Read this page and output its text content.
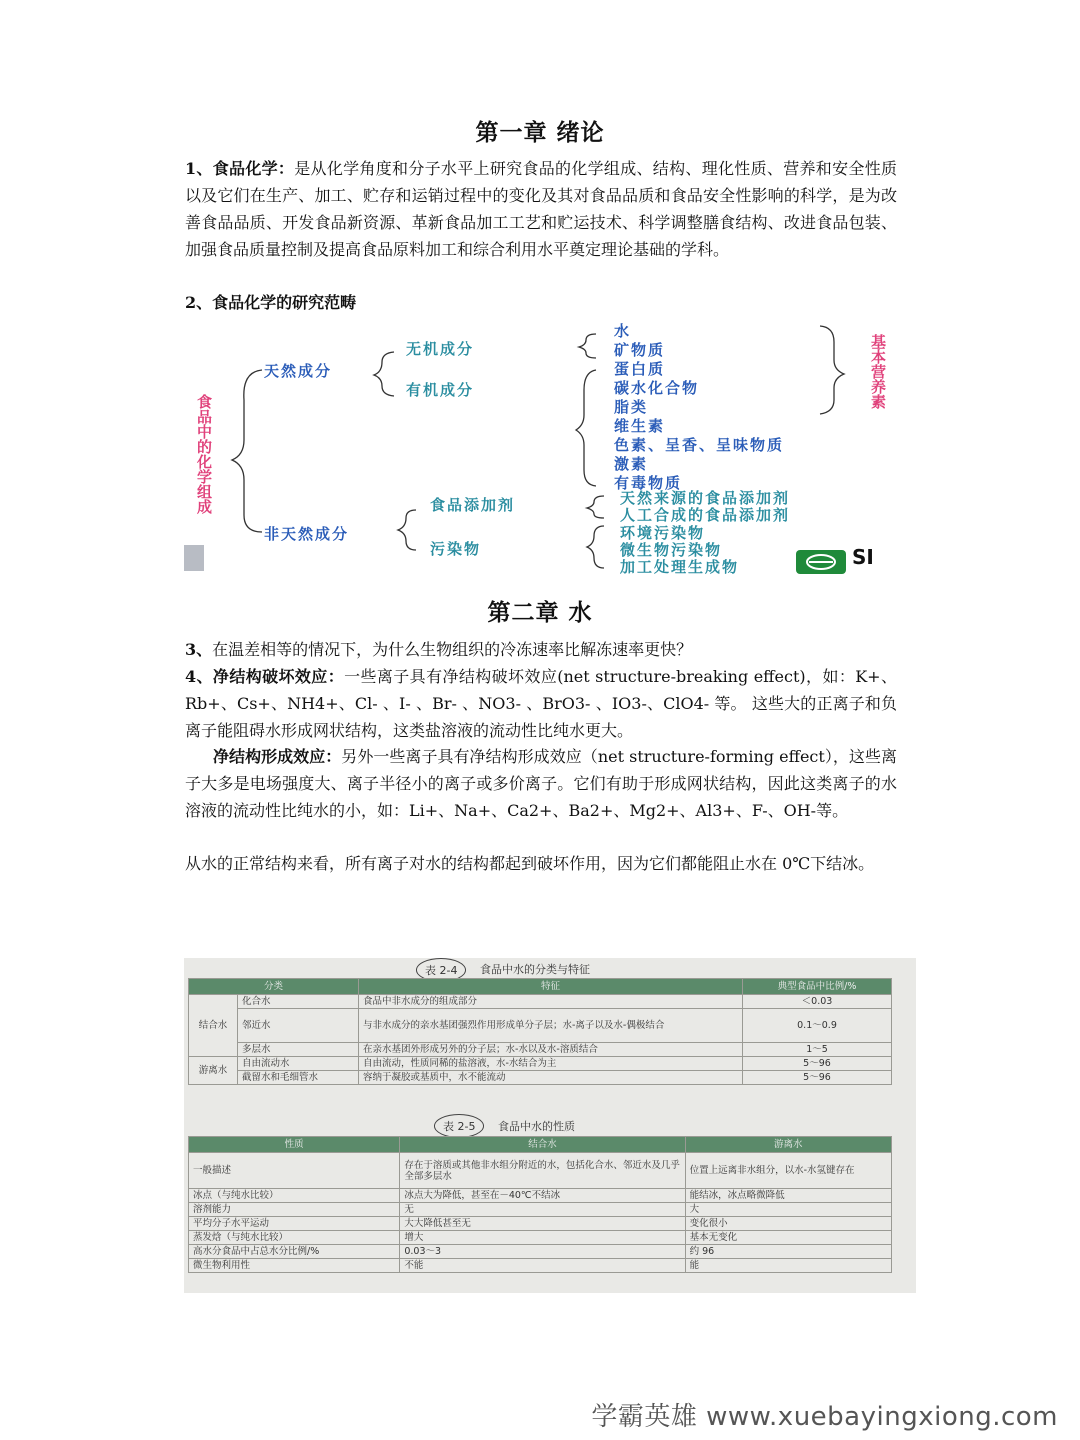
第一章 绪论
1、食品化学：是从化学角度和分子水平上研究食品的化学组成、结构、理化性质、营养和安全性质以及它们在生产、加工、贮存和运销过程中的变化及其对食品品质和食品安全性影响的科学，是为改善食品品质、开发食品新资源、革新食品加工工艺和贮运技术、科学调整膳食结构、改进食品包装、加强食品质量控制及提高食品原料加工和综合利用水平奠定理论基础的学科。
2、食品化学的研究范畴
食品中的化学组成
天然成分
无机成分
有机成分
水
矿物质
蛋白质
碳水化合物
脂类
维生素
色素、呈香、呈味物质
激素
有毒物质
基本营养素
非天然成分
食品添加剂
污染物
天然来源的食品添加剂
人工合成的食品添加剂
环境污染物
微生物污染物
加工处理生成物	SI
第二章 水
3、在温差相等的情况下，为什么生物组织的冷冻速率比解冻速率更快？
4、净结构破坏效应：一些离子具有净结构破坏效应(net structure-breaking effect)，如：K+、Rb+、Cs+、NH4+、Cl- 、I- 、Br- 、NO3- 、BrO3- 、IO3-、ClO4- 等。 这些大的正离子和负离子能阻碍水形成网状结构，这类盐溶液的流动性比纯水更大。
净结构形成效应：另外一些离子具有净结构形成效应（net structure-forming effect），这些离子大多是电场强度大、离子半径小的离子或多价离子。它们有助于形成网状结构，因此这类离子的水溶液的流动性比纯水的小，如：Li+、Na+、Ca2+、Ba2+、Mg2+、Al3+、F-、OH-等。
从水的正常结构来看，所有离子对水的结构都起到破坏作用，因为它们都能阻止水在 0℃下结冰。
表 2-4	食品中水的分类与特征
分类		特征	典型食品中比例/%
结合水	化合水	食品中非水成分的组成部分	＜0.03
	邻近水	与非水成分的亲水基团强烈作用形成单分子层；水-离子以及水-偶极结合	0.1～0.9
	多层水	在亲水基团外形成另外的分子层；水-水以及水-溶质结合	1～5
游离水	自由流动水	自由流动，性质同稀的盐溶液，水-水结合为主	5～96
	截留水和毛细管水	容纳于凝胶或基质中，水不能流动	5～96
表 2-5	食品中水的性质
性质	结合水	游离水
一般描述	存在于溶质或其他非水组分附近的水，包括化合水、邻近水及几乎全部多层水	位置上远离非水组分，以水-水氢键存在
冰点（与纯水比较）	冰点大为降低，甚至在－40℃不结冰	能结冰，冰点略微降低
溶剂能力	无	大
平均分子水平运动	大大降低甚至无	变化很小
蒸发焓（与纯水比较）	增大	基本无变化
高水分食品中占总水分比例/%	0.03～3	约 96
微生物利用性	不能	能
学霸英雄 www.xuebayingxiong.com
